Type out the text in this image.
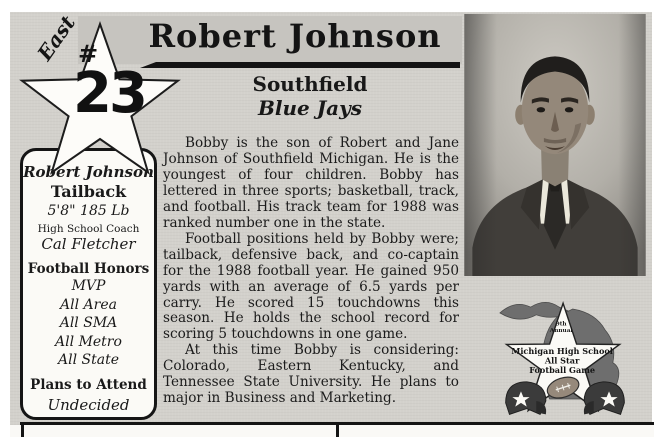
Robert Johnson
Southfield
Blue Jays
East
#
23
Robert Johnson
Tailback
5'8" 185 Lb
High School Coach
Cal Fletcher
Football Honors
MVP
All Area
All SMA
All Metro
All State
Plans to Attend
Undecided

Bobby is the son of Robert and Jane Johnson of Southfield Michigan. He is the youngest of four children. Bobby has lettered in three sports; basketball, track, and football. His track team for 1988 was ranked number one in the state.

Football positions held by Bobby were; tailback, defensive back, and co-captain for the 1988 football year. He gained 950 yards with an average of 6.5 yards per carry. He scored 15 touchdowns this season. He holds the school record for scoring 5 touchdowns in one game.

At this time Bobby is considering: Colorado, Eastern Kentucky, and Tennessee State University. He plans to major in Business and Marketing.

9th
Annual
Michigan High School
All Star
Football Game
